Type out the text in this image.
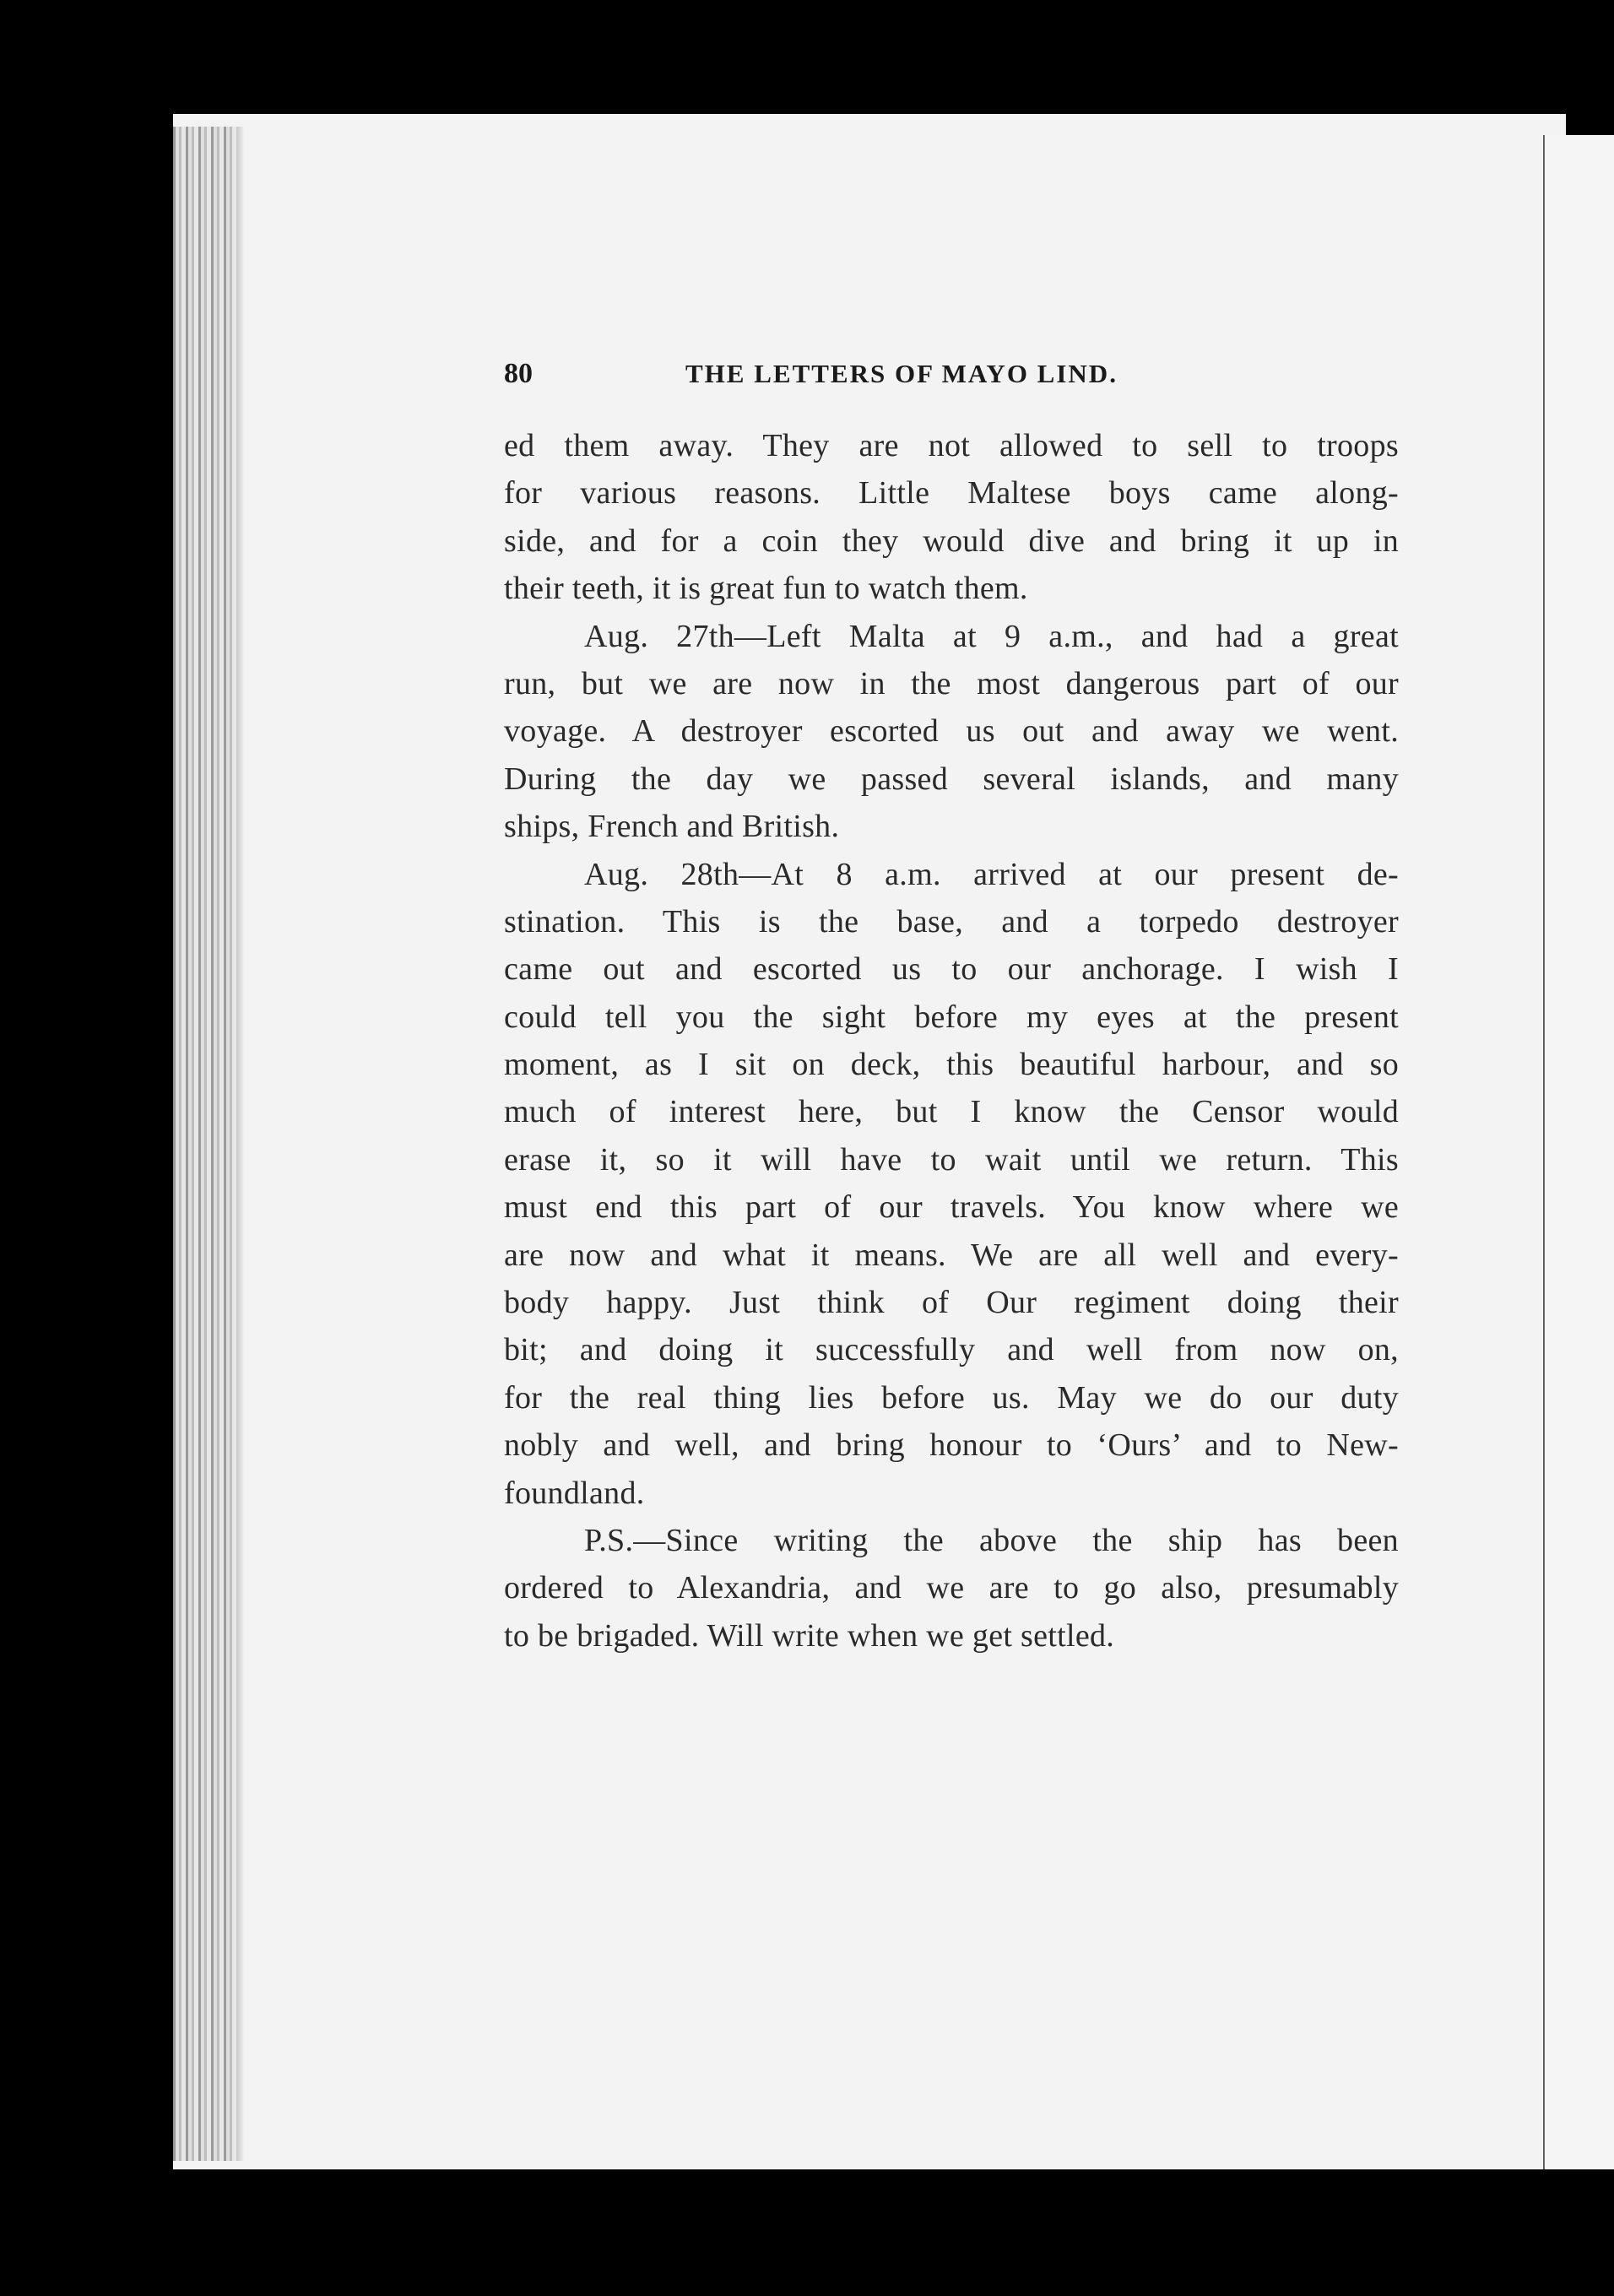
80	THE LETTERS OF MAYO LIND.
ed them away. They are not allowed to sell to troops
for various reasons. Little Maltese boys came along-
side, and for a coin they would dive and bring it up in
their teeth, it is great fun to watch them.
Aug. 27th—Left Malta at 9 a.m., and had a great
run, but we are now in the most dangerous part of our
voyage. A destroyer escorted us out and away we went.
During the day we passed several islands, and many
ships, French and British.
Aug. 28th—At 8 a.m. arrived at our present de-
stination. This is the base, and a torpedo destroyer
came out and escorted us to our anchorage. I wish I
could tell you the sight before my eyes at the present
moment, as I sit on deck, this beautiful harbour, and so
much of interest here, but I know the Censor would
erase it, so it will have to wait until we return. This
must end this part of our travels. You know where we
are now and what it means. We are all well and every-
body happy. Just think of Our regiment doing their
bit; and doing it successfully and well from now on,
for the real thing lies before us. May we do our duty
nobly and well, and bring honour to ‘Ours’ and to New-
foundland.
P.S.—Since writing the above the ship has been
ordered to Alexandria, and we are to go also, presumably
to be brigaded. Will write when we get settled.
